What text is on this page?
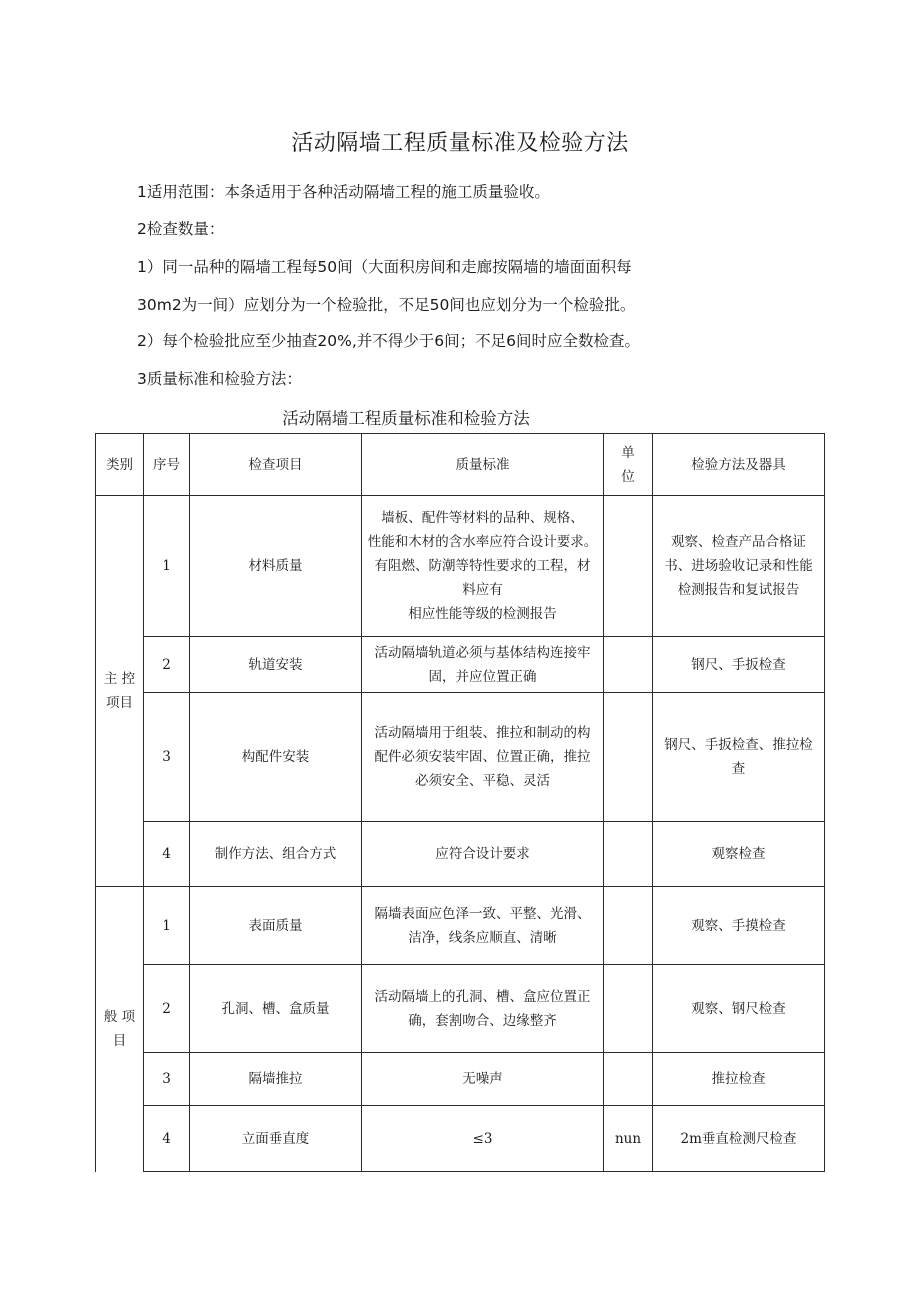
活动隔墙工程质量标准及检验方法
1适用范围：本条适用于各种活动隔墙工程的施工质量验收。
2检查数量：
1）同一品种的隔墙工程每50间（大面积房间和走廊按隔墙的墙面面积每
30m2为一间）应划分为一个检验批，不足50间也应划分为一个检验批。
2）每个检验批应至少抽查20%,并不得少于6间；不足6间时应全数检查。
3质量标准和检验方法：
活动隔墙工程质量标准和检验方法
类别	序号	检查项目	质量标准	单
位	检验方法及器具

主 控
项目	1	材料质量	墙板、配件等材料的品种、规格、
性能和木材的含水率应符合设计要求。
有阻燃、防潮等特性要求的工程，材
料应有
相应性能等级的检测报告		观察、检查产品合格证
书、进场验收记录和性能
检测报告和复试报告

	2	轨道安装	活动隔墙轨道必须与基体结构连接牢
固，并应位置正确		钢尺、手扳检查
	3	构配件安装	活动隔墙用于组装、推拉和制动的构
配件必须安装牢固、位置正确，推拉
必须安全、平稳、灵活		钢尺、手扳检查、推拉检
查

	4	制作方法、组合方式	应符合设计要求		观察检查

般 项
目	1	表面质量	隔墙表面应色泽一致、平整、光滑、
洁净，线条应顺直、清晰		观察、手摸检查
	2	孔洞、槽、盒质量	活动隔墙上的孔洞、槽、盒应位置正
确，套割吻合、边缘整齐		观察、钢尺检查
	3	隔墙推拉	无噪声		推拉检查
	4	立面垂直度	≤3	nun	2m垂直检测尺检查
